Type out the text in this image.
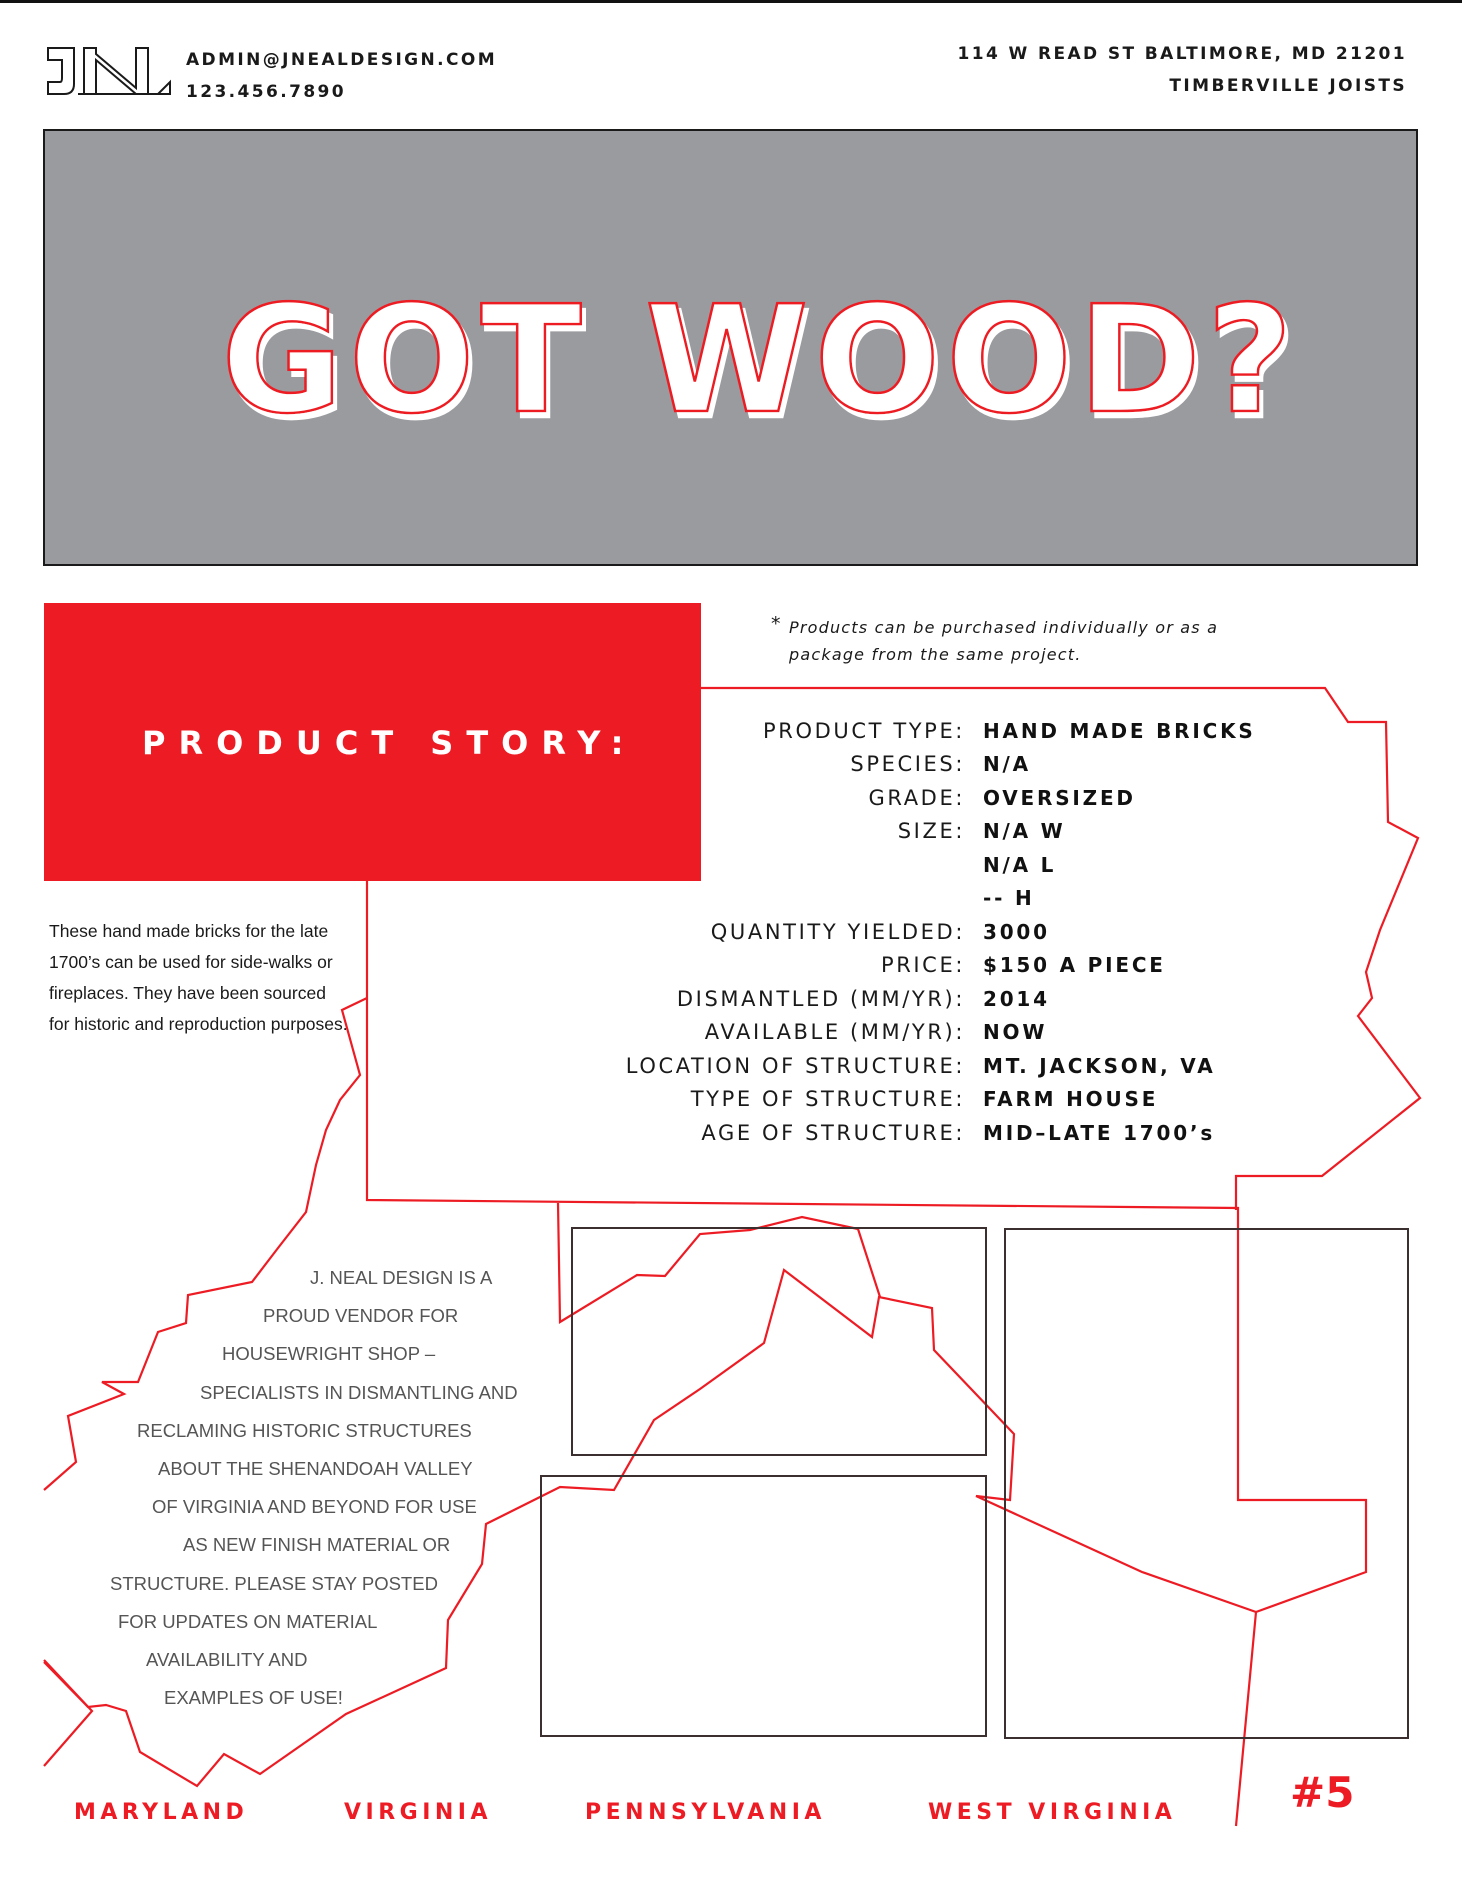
ADMIN@JNEALDESIGN.COM
123.456.7890
114 W READ ST BALTIMORE, MD 21201
TIMBERVILLE JOISTS
GOT WOOD?
PRODUCT STORY:
* Products can be purchased individually or as a package from the same project.
PRODUCT TYPE: HAND MADE BRICKS
SPECIES: N/A
GRADE: OVERSIZED
SIZE: N/A W
N/A L
-- H
QUANTITY YIELDED: 3000
PRICE: $150 A PIECE
DISMANTLED (MM/YR): 2014
AVAILABLE (MM/YR): NOW
LOCATION OF STRUCTURE: MT. JACKSON, VA
TYPE OF STRUCTURE: FARM HOUSE
AGE OF STRUCTURE: MID–LATE 1700’s
These hand made bricks for the late 1700’s can be used for side-walks or fireplaces. They have been sourced for historic and reproduction purposes.
J. NEAL DESIGN IS A
PROUD VENDOR FOR
HOUSEWRIGHT SHOP –
SPECIALISTS IN DISMANTLING AND
RECLAMING HISTORIC STRUCTURES
ABOUT THE SHENANDOAH VALLEY
OF VIRGINIA AND BEYOND FOR USE
AS NEW FINISH MATERIAL OR
STRUCTURE. PLEASE STAY POSTED
FOR UPDATES ON MATERIAL
AVAILABILITY AND
EXAMPLES OF USE!
MARYLAND	VIRGINIA	PENNSYLVANIA	WEST VIRGINIA	#5
